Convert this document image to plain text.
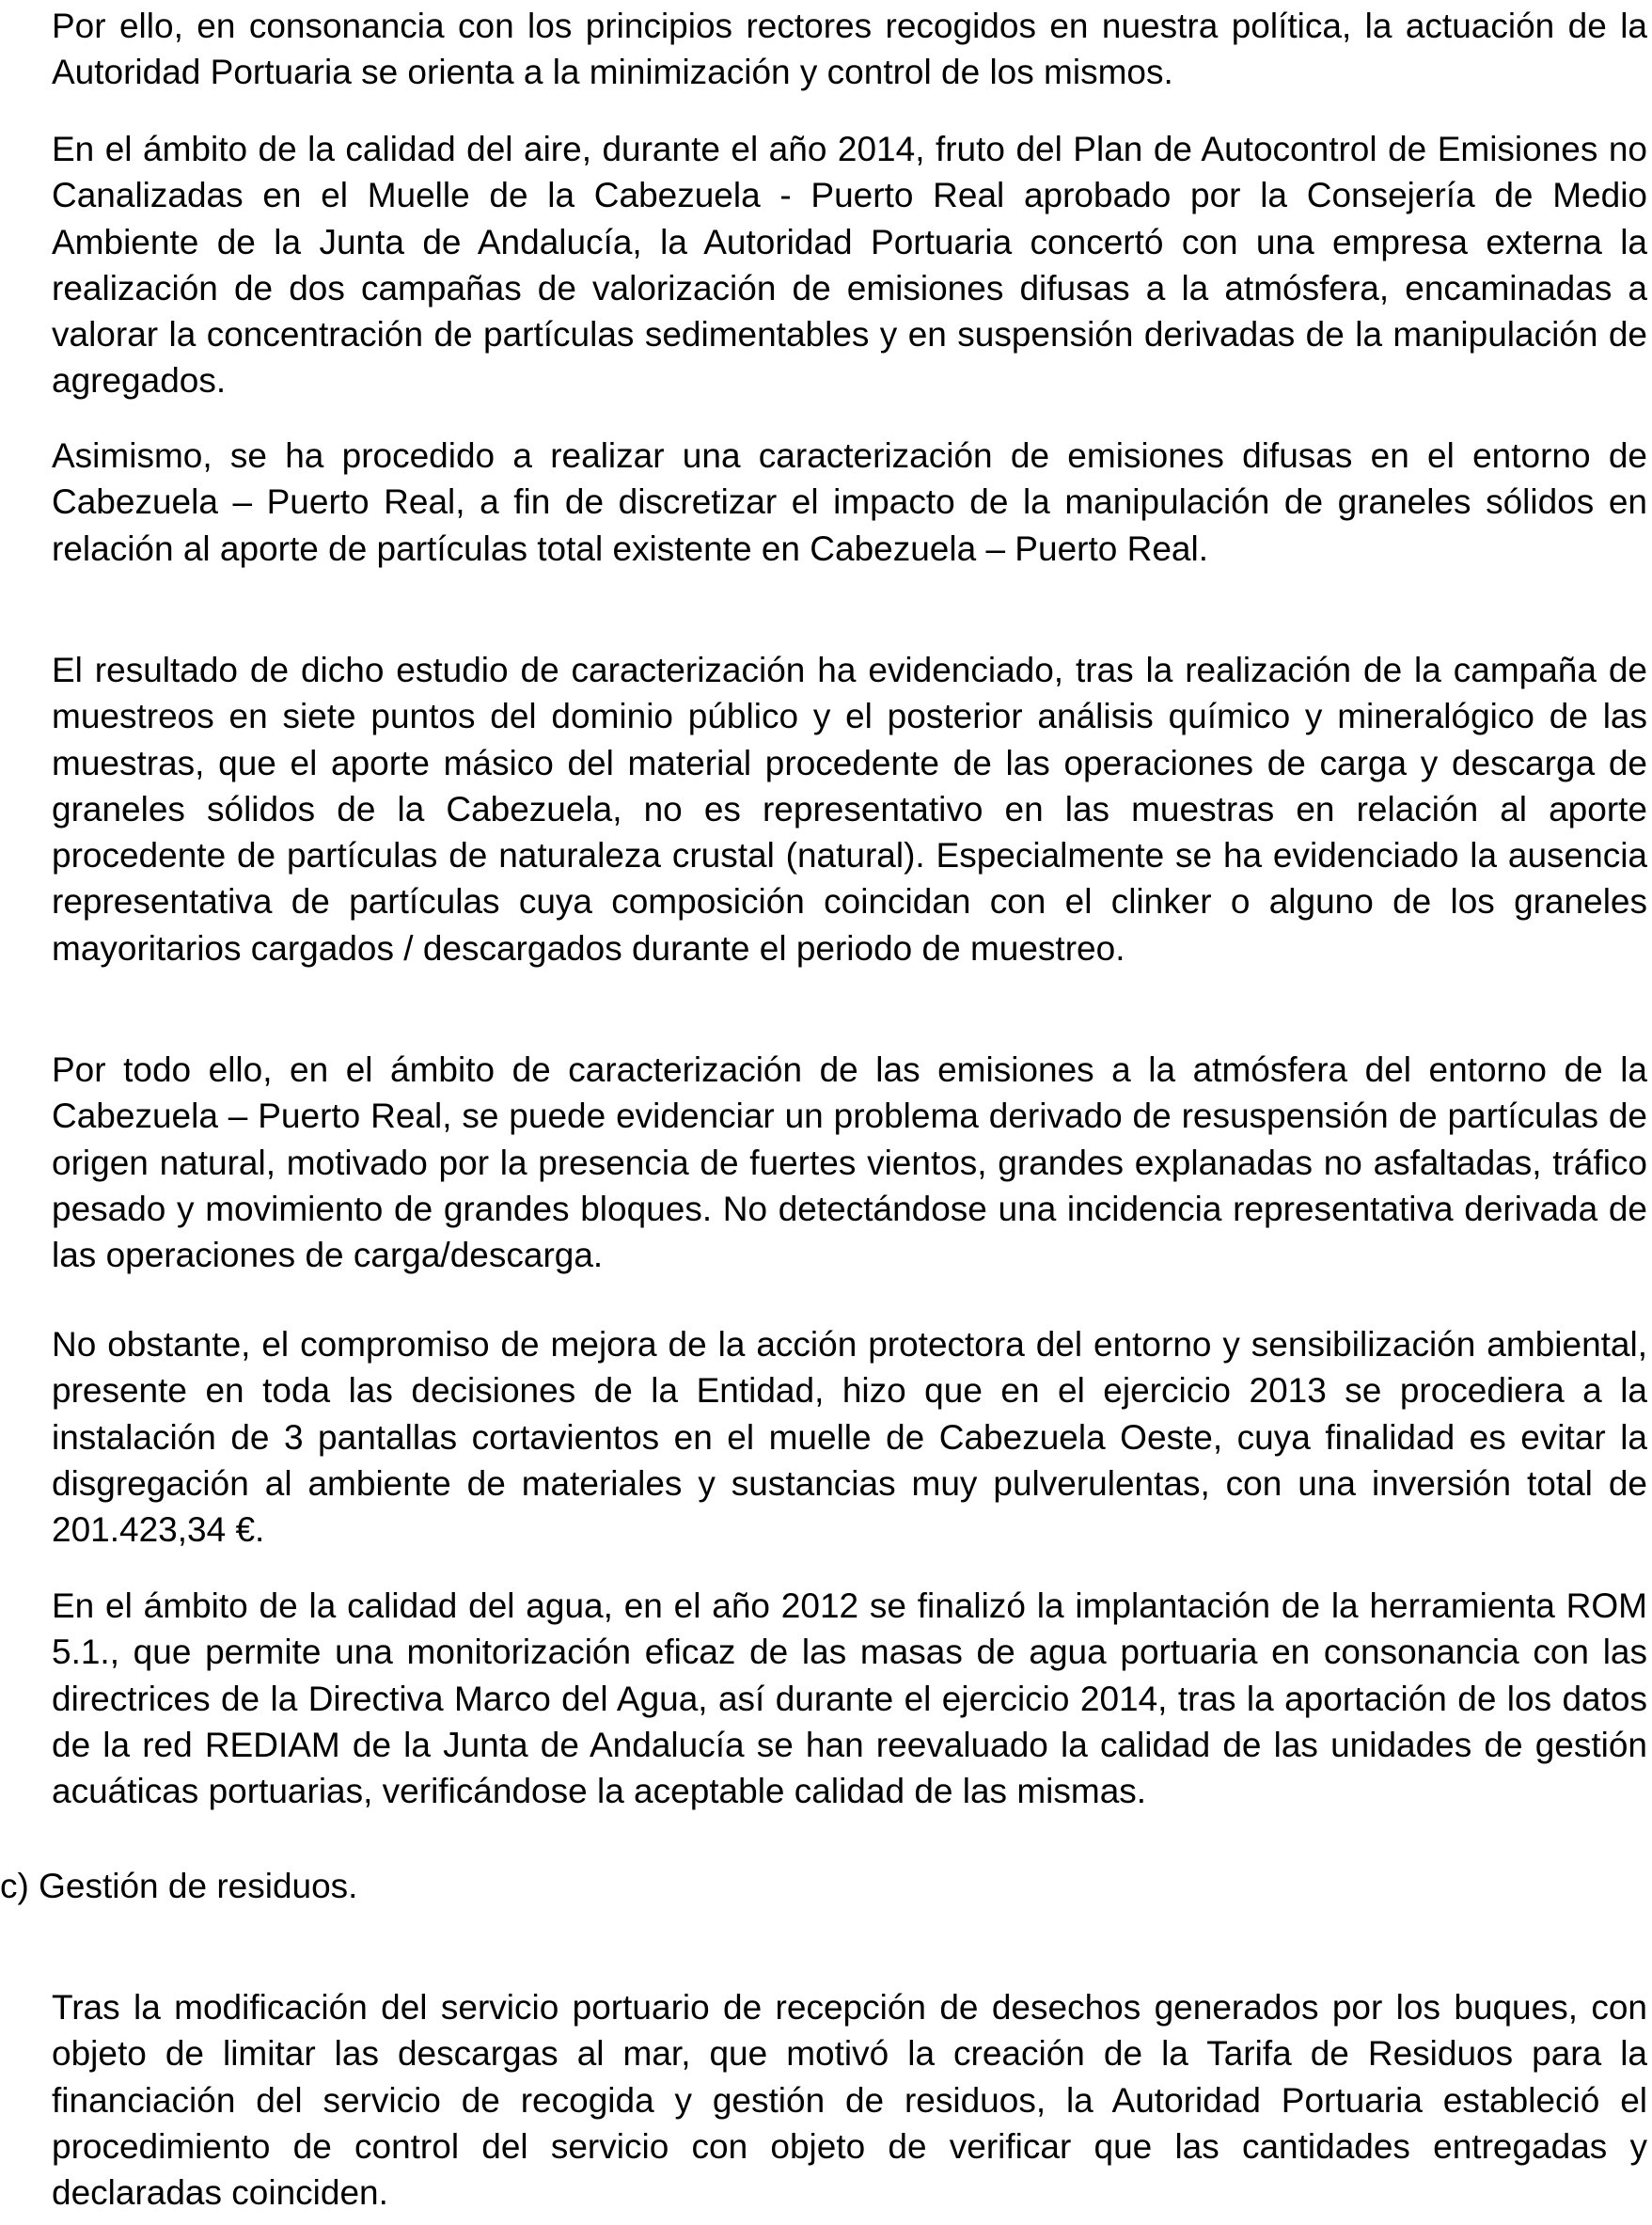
Por ello, en consonancia con los principios rectores recogidos en nuestra política, la actuación de la Autoridad Portuaria se orienta a la minimización y control de los mismos.

En el ámbito de la calidad del aire, durante el año 2014, fruto del Plan de Autocontrol de Emisiones no Canalizadas en el Muelle de la Cabezuela - Puerto Real aprobado por la Consejería de Medio Ambiente de la Junta de Andalucía, la Autoridad Portuaria concertó con una empresa externa la realización de dos campañas de valorización de emisiones difusas a la atmósfera, encaminadas a valorar la concentración de partículas sedimentables y en suspensión derivadas de la manipulación de agregados.

Asimismo, se ha procedido a realizar una caracterización de emisiones difusas en el entorno de Cabezuela – Puerto Real, a fin de discretizar el impacto de la manipulación de graneles sólidos en relación al aporte de partículas total existente en Cabezuela – Puerto Real.

El resultado de dicho estudio de caracterización ha evidenciado, tras la realización de la campaña de muestreos en siete puntos del dominio público y el posterior análisis químico y mineralógico de las muestras, que el aporte másico del material procedente de las operaciones de carga y descarga de graneles sólidos de la Cabezuela, no es representativo en las muestras en relación al aporte procedente de partículas de naturaleza crustal (natural). Especialmente se ha evidenciado la ausencia representativa de partículas cuya composición coincidan con el clinker o alguno de los graneles mayoritarios cargados / descargados durante el periodo de muestreo.

Por todo ello, en el ámbito de caracterización de las emisiones a la atmósfera del entorno de la Cabezuela – Puerto Real, se puede evidenciar un problema derivado de resuspensión de partículas de origen natural, motivado por la presencia de fuertes vientos, grandes explanadas no asfaltadas, tráfico pesado y movimiento de grandes bloques. No detectándose una incidencia representativa derivada de las operaciones de carga/descarga.

No obstante, el compromiso de mejora de la acción protectora del entorno y sensibilización ambiental, presente en toda las decisiones de la Entidad, hizo que en el ejercicio 2013 se procediera a la instalación de 3 pantallas cortavientos en el muelle de Cabezuela Oeste, cuya finalidad es evitar la disgregación al ambiente de materiales y sustancias muy pulverulentas, con una inversión total de 201.423,34 €.

En el ámbito de la calidad del agua, en el año 2012 se finalizó la implantación de la herramienta ROM 5.1., que permite una monitorización eficaz de las masas de agua portuaria en consonancia con las directrices de la Directiva Marco del Agua, así durante el ejercicio 2014, tras la aportación de los datos de la red REDIAM de la Junta de Andalucía se han reevaluado la calidad de las unidades de gestión acuáticas portuarias, verificándose la aceptable calidad de las mismas.

c) Gestión de residuos.

Tras la modificación del servicio portuario de recepción de desechos generados por los buques, con objeto de limitar las descargas al mar, que motivó la creación de la Tarifa de Residuos para la financiación del servicio de recogida y gestión de residuos, la Autoridad Portuaria estableció el procedimiento de control del servicio con objeto de verificar que las cantidades entregadas y declaradas coinciden.
